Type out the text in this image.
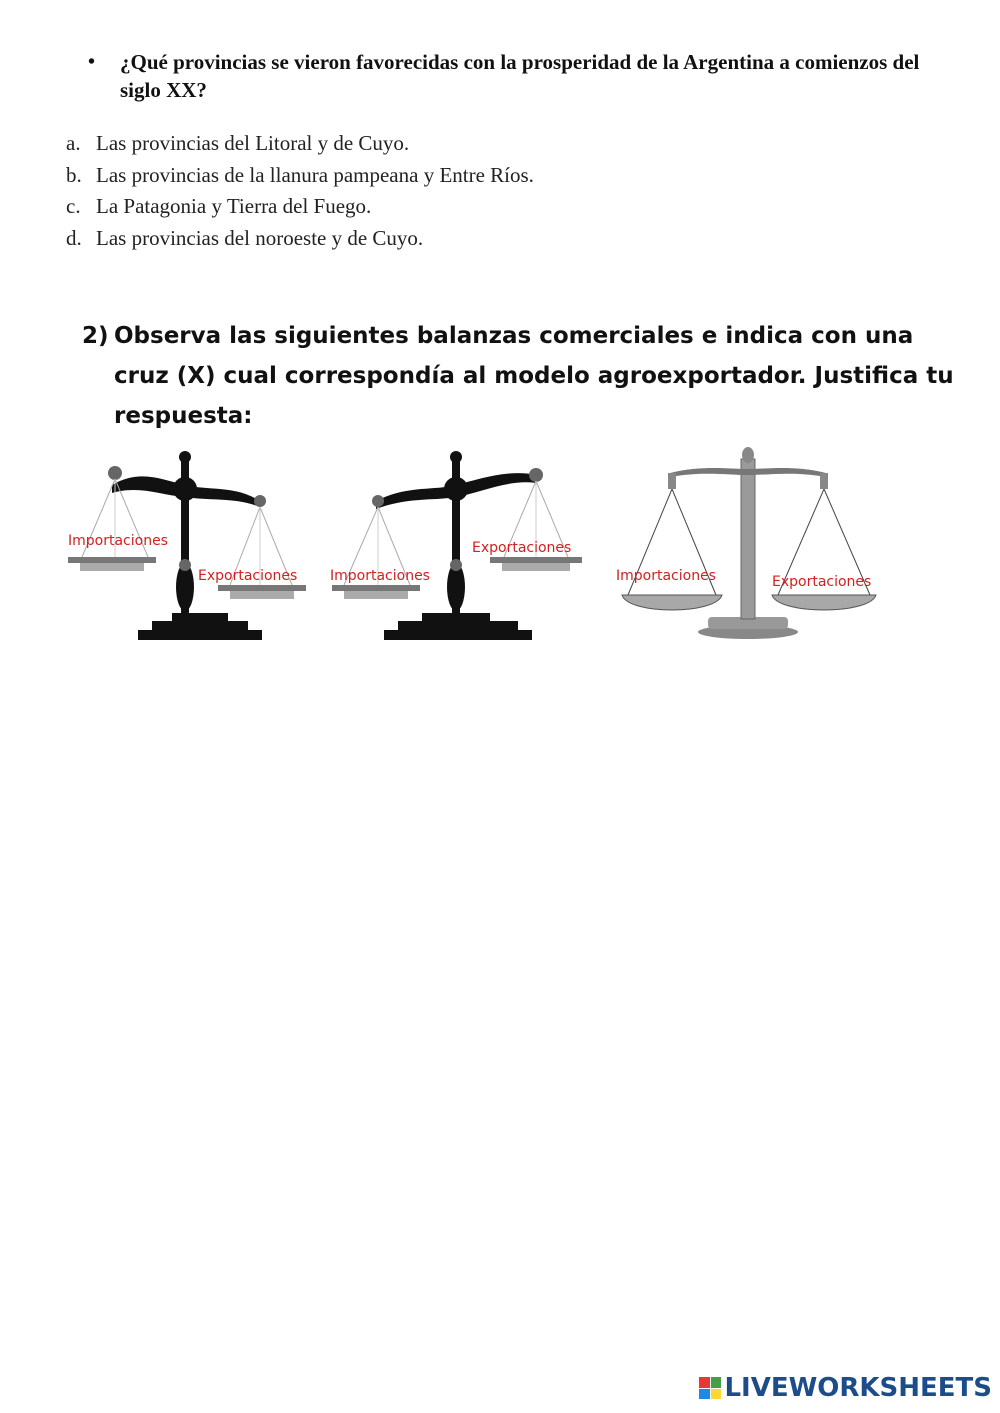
• ¿Qué provincias se vieron favorecidas con la prosperidad de la Argentina a comienzos del siglo XX?
a. Las provincias del Litoral y de Cuyo.
b. Las provincias de la llanura pampeana y Entre Ríos.
c. La Patagonia y Tierra del Fuego.
d. Las provincias del noroeste y de Cuyo.
2) Observa las siguientes balanzas comerciales e indica con una cruz (X) cual correspondía al modelo agroexportador. Justifica tu respuesta:
Importaciones
Exportaciones Importaciones
Exportaciones
Importaciones	Exportaciones
LIVEWORKSHEETS
